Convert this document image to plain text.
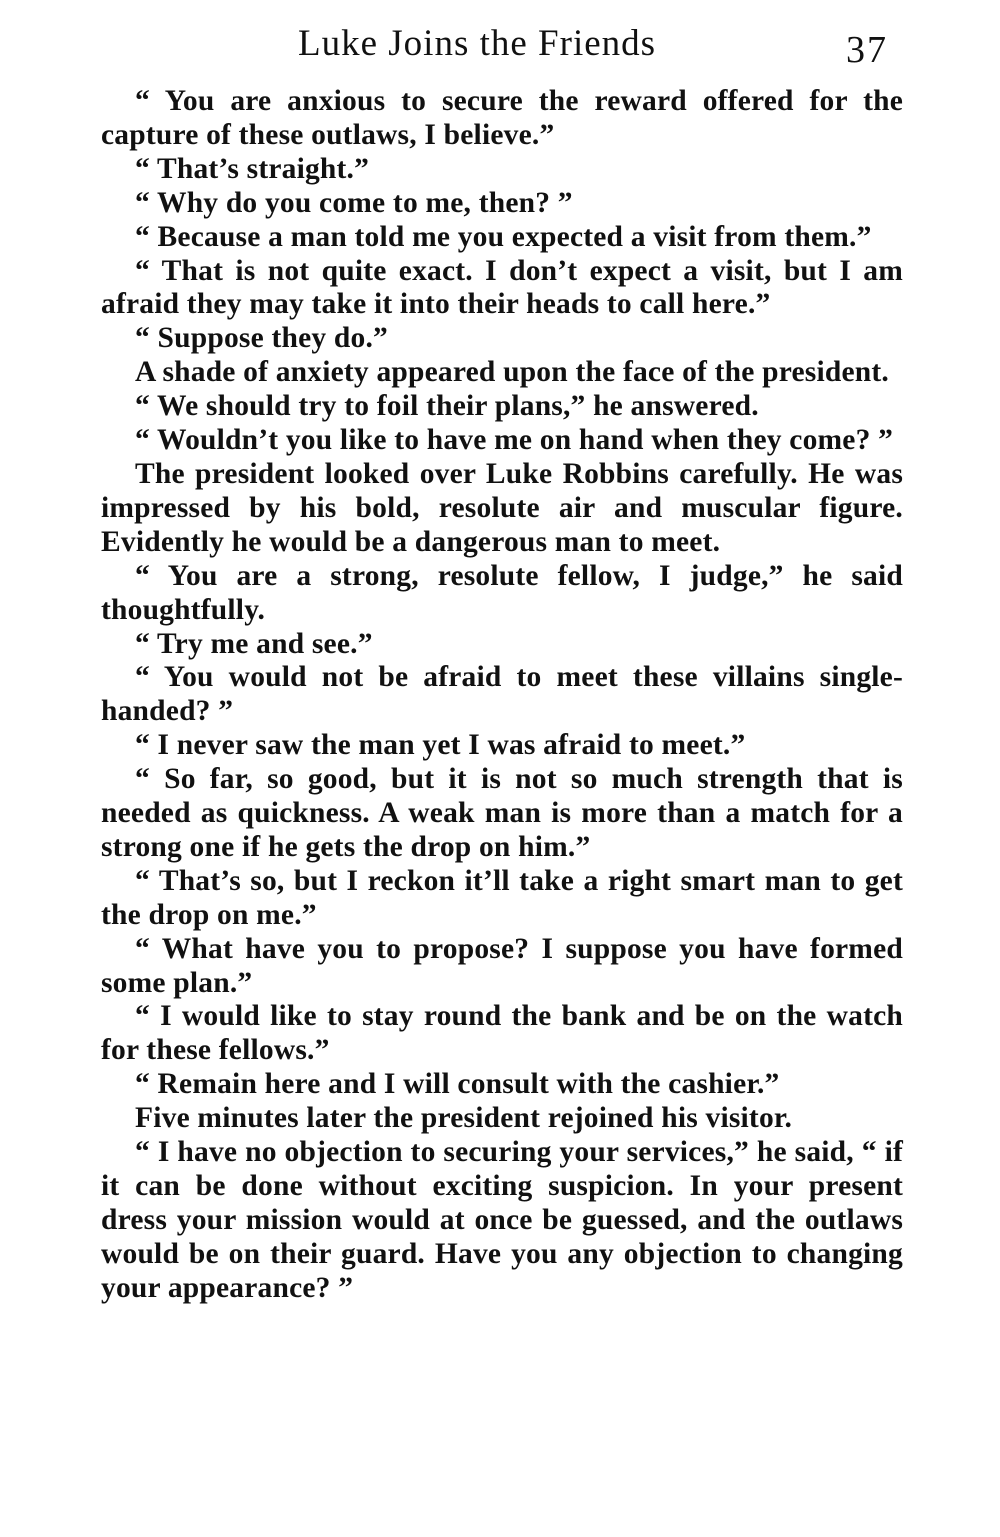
Luke Joins the Friends	37

“ You are anxious to secure the reward offered for the capture of these outlaws, I believe.”

“ That’s straight.”

“ Why do you come to me, then? ”

“ Because a man told me you expected a visit from them.”

“ That is not quite exact. I don’t expect a visit, but I am afraid they may take it into their heads to call here.”

“ Suppose they do.”

A shade of anxiety appeared upon the face of the president.

“ We should try to foil their plans,” he answered.

“ Wouldn’t you like to have me on hand when they come? ”

The president looked over Luke Robbins carefully. He was impressed by his bold, resolute air and muscular figure. Evidently he would be a dangerous man to meet.

“ You are a strong, resolute fellow, I judge,” he said thoughtfully.

“ Try me and see.”

“ You would not be afraid to meet these villains single-handed? ”

“ I never saw the man yet I was afraid to meet.”

“ So far, so good, but it is not so much strength that is needed as quickness. A weak man is more than a match for a strong one if he gets the drop on him.”

“ That’s so, but I reckon it’ll take a right smart man to get the drop on me.”

“ What have you to propose? I suppose you have formed some plan.”

“ I would like to stay round the bank and be on the watch for these fellows.”

“ Remain here and I will consult with the cashier.”

Five minutes later the president rejoined his visitor.

“ I have no objection to securing your services,” he said, “ if it can be done without exciting suspicion. In your present dress your mission would at once be guessed, and the outlaws would be on their guard. Have you any objection to changing your appearance? ”
